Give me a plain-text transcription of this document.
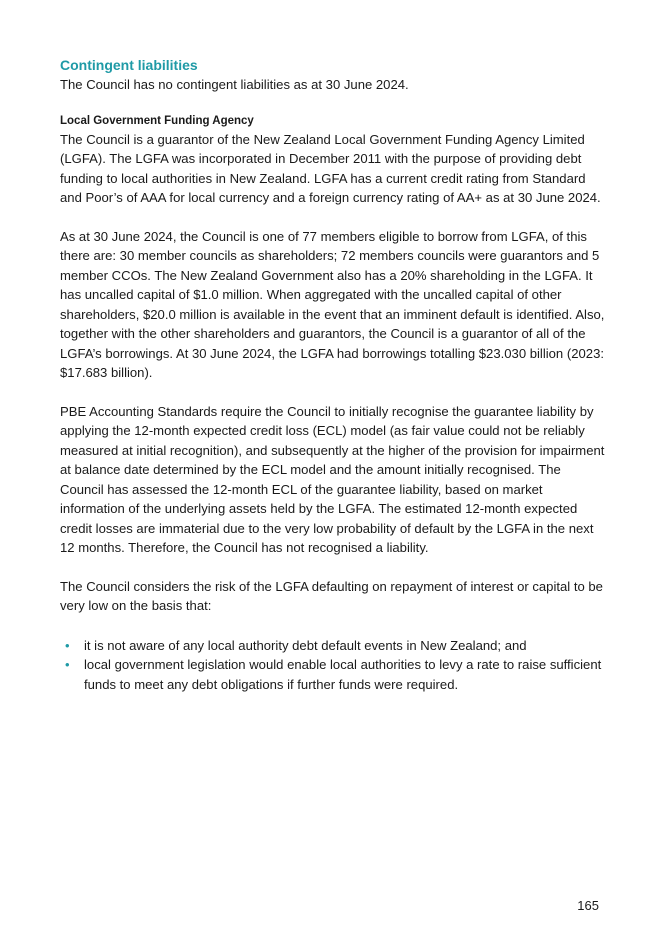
Contingent liabilities

The Council has no contingent liabilities as at 30 June 2024.

Local Government Funding Agency

The Council is a guarantor of the New Zealand Local Government Funding Agency Limited (LGFA). The LGFA was incorporated in December 2011 with the purpose of providing debt funding to local authorities in New Zealand. LGFA has a current credit rating from Standard and Poor’s of AAA for local currency and a foreign currency rating of AA+ as at 30 June 2024.

As at 30 June 2024, the Council is one of 77 members eligible to borrow from LGFA, of this there are: 30 member councils as shareholders; 72 members councils were guarantors and 5 member CCOs. The New Zealand Government also has a 20% shareholding in the LGFA. It has uncalled capital of $1.0 million. When aggregated with the uncalled capital of other shareholders, $20.0 million is available in the event that an imminent default is identified. Also, together with the other shareholders and guarantors, the Council is a guarantor of all of the LGFA’s borrowings. At 30 June 2024, the LGFA had borrowings totalling $23.030 billion (2023: $17.683 billion).

PBE Accounting Standards require the Council to initially recognise the guarantee liability by applying the 12-month expected credit loss (ECL) model (as fair value could not be reliably measured at initial recognition), and subsequently at the higher of the provision for impairment at balance date determined by the ECL model and the amount initially recognised. The Council has assessed the 12-month ECL of the guarantee liability, based on market information of the underlying assets held by the LGFA. The estimated 12-month expected credit losses are immaterial due to the very low probability of default by the LGFA in the next 12 months. Therefore, the Council has not recognised a liability.

The Council considers the risk of the LGFA defaulting on repayment of interest or capital to be very low on the basis that:

• it is not aware of any local authority debt default events in New Zealand; and
• local government legislation would enable local authorities to levy a rate to raise sufficient funds to meet any debt obligations if further funds were required.
165
